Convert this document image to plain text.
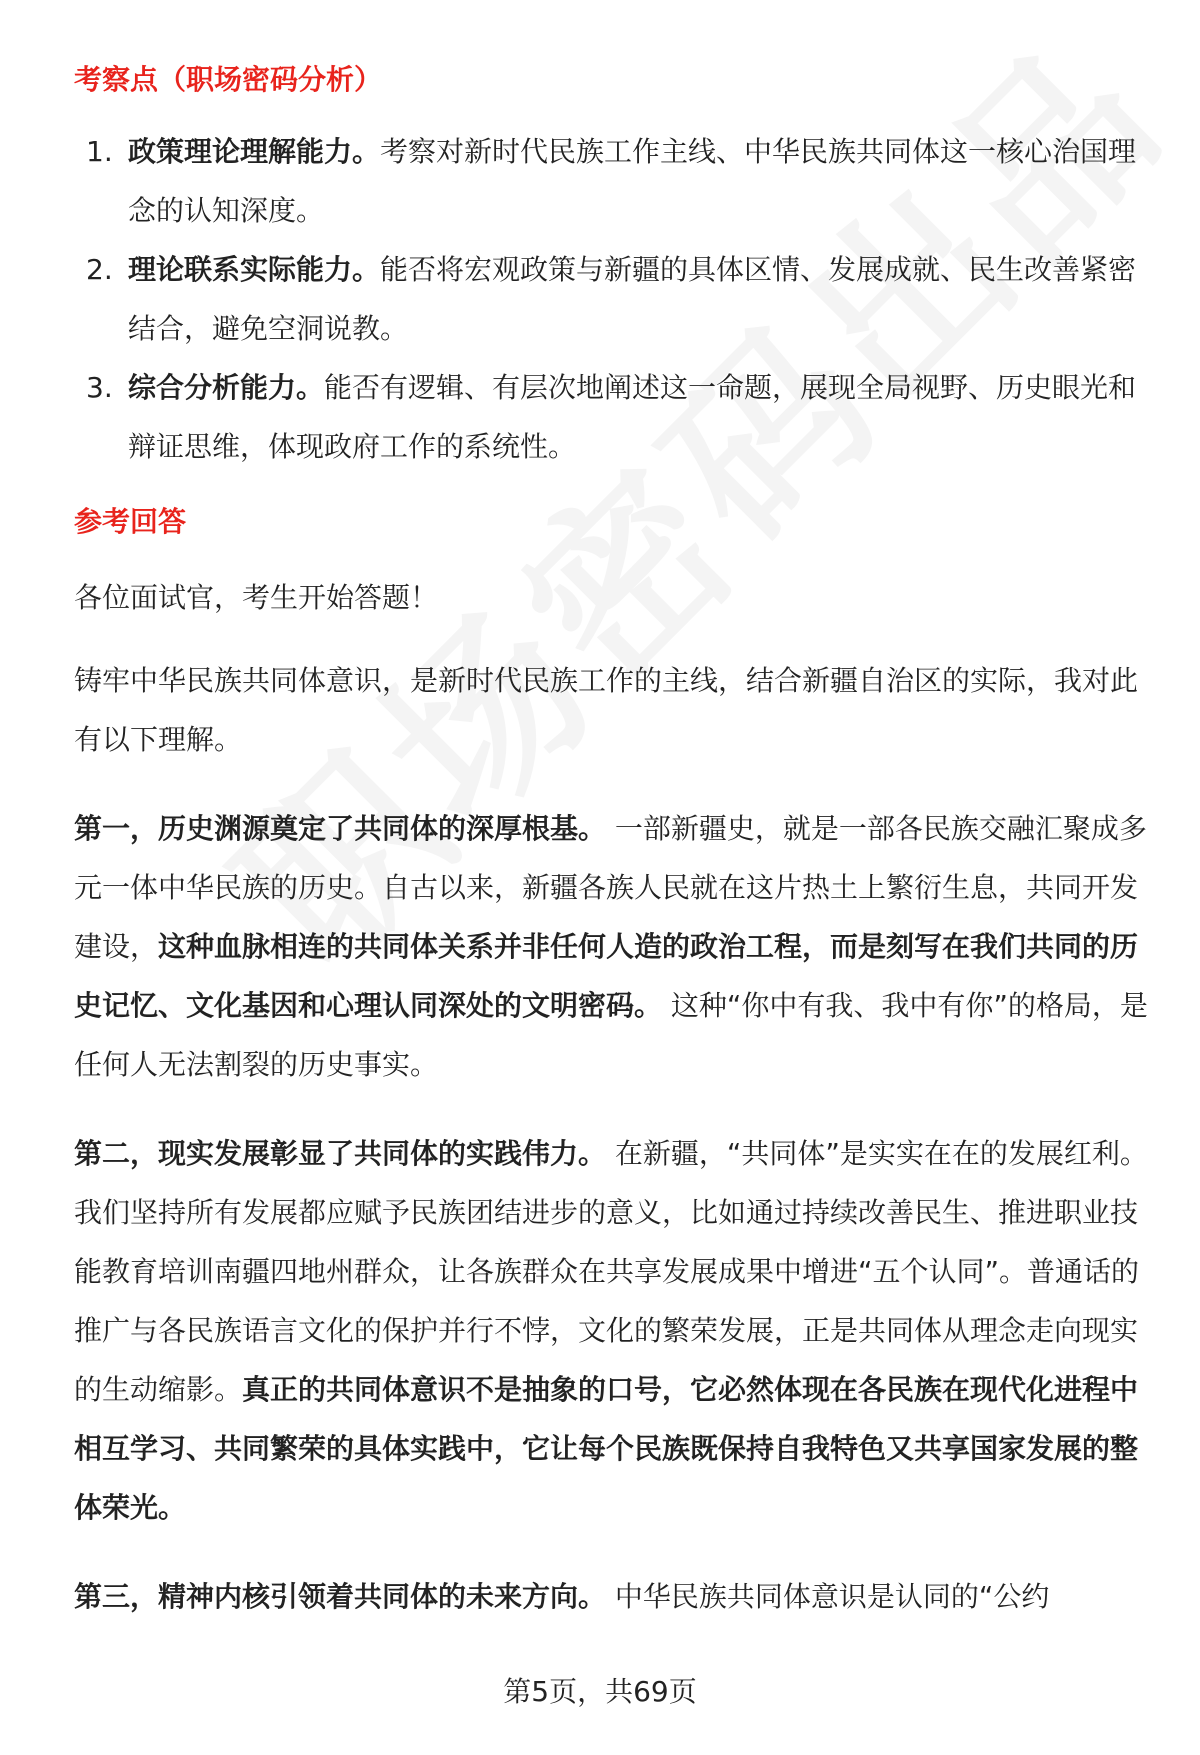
考察点（职场密码分析）

1. 政策理论理解能力。考察对新时代民族工作主线、中华民族共同体这一核心治国理念的认知深度。
2. 理论联系实际能力。能否将宏观政策与新疆的具体区情、发展成就、民生改善紧密结合，避免空洞说教。
3. 综合分析能力。能否有逻辑、有层次地阐述这一命题，展现全局视野、历史眼光和辩证思维，体现政府工作的系统性。

参考回答

各位面试官，考生开始答题！

铸牢中华民族共同体意识，是新时代民族工作的主线，结合新疆自治区的实际，我对此有以下理解。

第一，历史渊源奠定了共同体的深厚根基。 一部新疆史，就是一部各民族交融汇聚成多元一体中华民族的历史。自古以来，新疆各族人民就在这片热土上繁衍生息，共同开发建设，这种血脉相连的共同体关系并非任何人造的政治工程，而是刻写在我们共同的历史记忆、文化基因和心理认同深处的文明密码。 这种“你中有我、我中有你”的格局，是任何人无法割裂的历史事实。

第二，现实发展彰显了共同体的实践伟力。 在新疆，“共同体”是实实在在的发展红利。我们坚持所有发展都应赋予民族团结进步的意义，比如通过持续改善民生、推进职业技能教育培训南疆四地州群众，让各族群众在共享发展成果中增进“五个认同”。普通话的推广与各民族语言文化的保护并行不悖，文化的繁荣发展，正是共同体从理念走向现实的生动缩影。真正的共同体意识不是抽象的口号，它必然体现在各民族在现代化进程中相互学习、共同繁荣的具体实践中，它让每个民族既保持自我特色又共享国家发展的整体荣光。

第三，精神内核引领着共同体的未来方向。 中华民族共同体意识是认同的“公约

第5页，共69页
